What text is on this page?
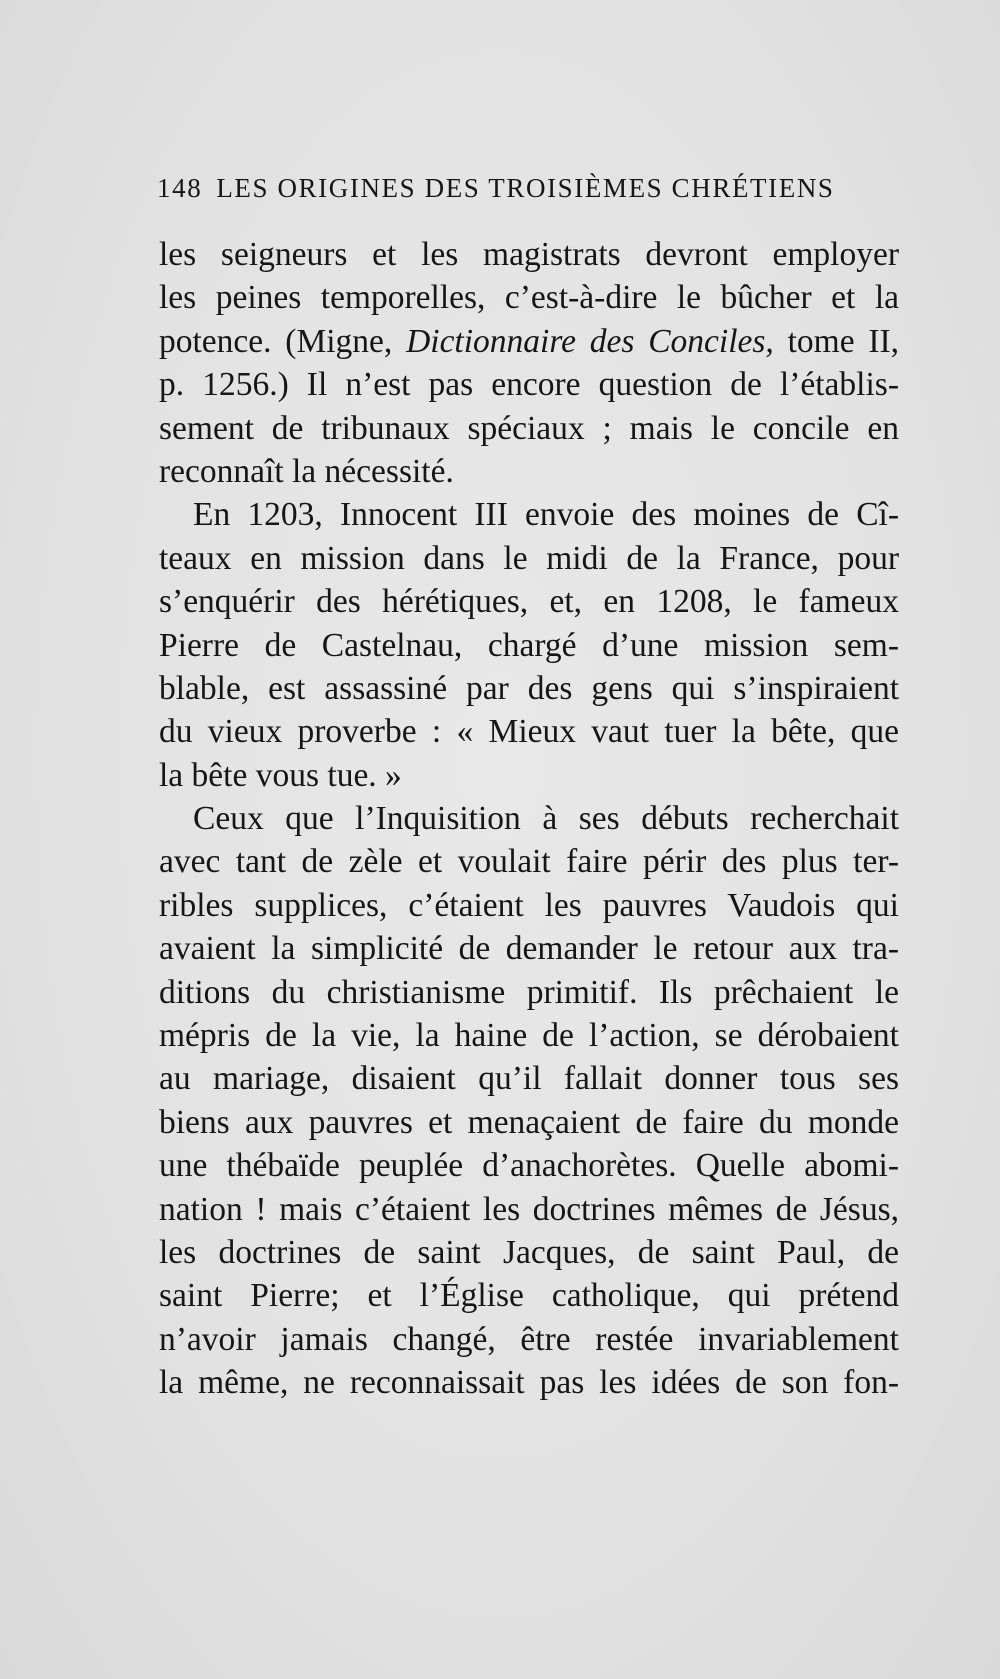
148 LES ORIGINES DES TROISIÈMES CHRÉTIENS
les seigneurs et les magistrats devront employer
les peines temporelles, c’est-à-dire le bûcher et la
potence. (Migne, Dictionnaire des Conciles, tome II,
p. 1256.) Il n’est pas encore question de l’établis-
sement de tribunaux spéciaux ; mais le concile en
reconnaît la nécessité.
En 1203, Innocent III envoie des moines de Cî-
teaux en mission dans le midi de la France, pour
s’enquérir des hérétiques, et, en 1208, le fameux
Pierre de Castelnau, chargé d’une mission sem-
blable, est assassiné par des gens qui s’inspiraient
du vieux proverbe : « Mieux vaut tuer la bête, que
la bête vous tue. »
Ceux que l’Inquisition à ses débuts recherchait
avec tant de zèle et voulait faire périr des plus ter-
ribles supplices, c’étaient les pauvres Vaudois qui
avaient la simplicité de demander le retour aux tra-
ditions du christianisme primitif. Ils prêchaient le
mépris de la vie, la haine de l’action, se dérobaient
au mariage, disaient qu’il fallait donner tous ses
biens aux pauvres et menaçaient de faire du monde
une thébaïde peuplée d’anachorètes. Quelle abomi-
nation ! mais c’étaient les doctrines mêmes de Jésus,
les doctrines de saint Jacques, de saint Paul, de
saint Pierre; et l’Église catholique, qui prétend
n’avoir jamais changé, être restée invariablement
la même, ne reconnaissait pas les idées de son fon-
